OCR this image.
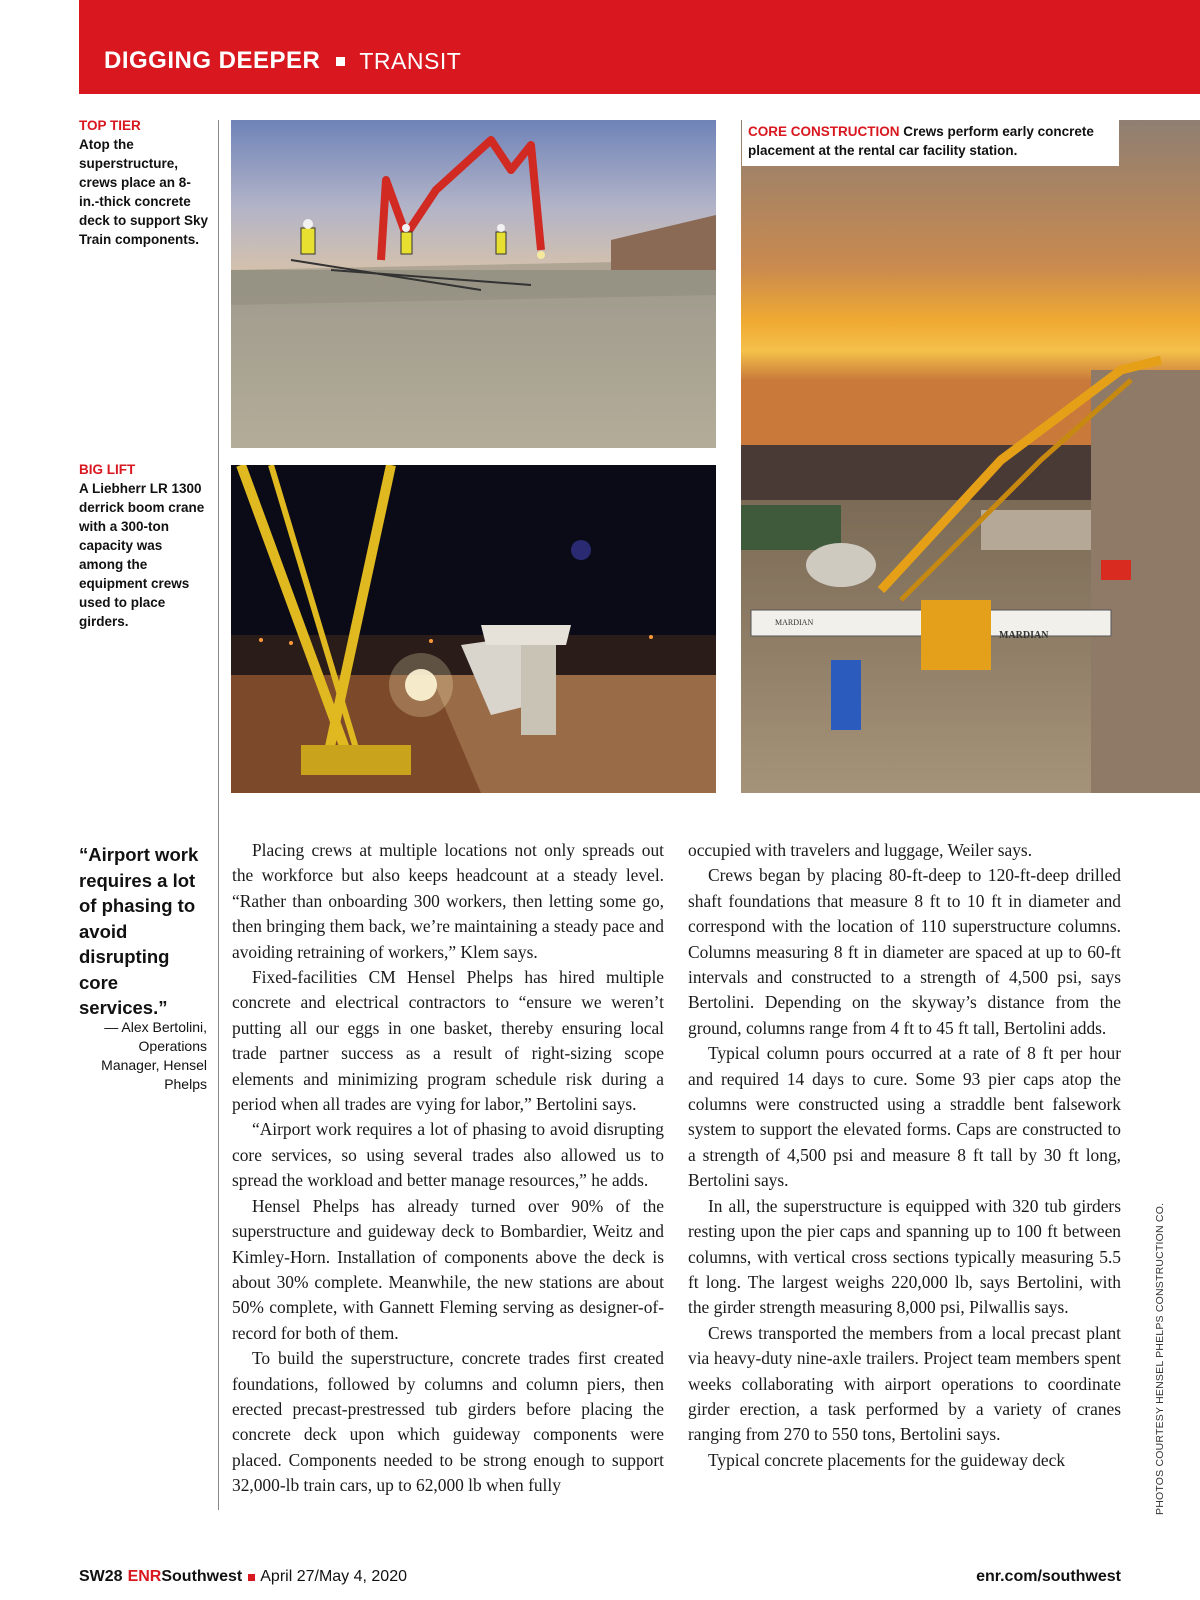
DIGGING DEEPER TRANSIT
TOP TIER
Atop the superstructure, crews place an 8-in.-thick concrete deck to support Sky Train components.
BIG LIFT
A Liebherr LR 1300 derrick boom crane with a 300-ton capacity was among the equipment crews used to place girders.	MARDIAN
MARDIAN
CORE CONSTRUCTION Crews perform early concrete placement at the rental car facility station.
“Airport work requires a lot of phasing to avoid disrupting core services.”
— Alex Bertolini, Operations Manager, Hensel Phelps

Placing crews at multiple locations not only spreads out the workforce but also keeps headcount at a steady level. “Rather than onboarding 300 workers, then letting some go, then bringing them back, we’re maintaining a steady pace and avoiding retraining of workers,” Klem says.

Fixed-facilities CM Hensel Phelps has hired multiple concrete and electrical contractors to “ensure we weren’t putting all our eggs in one basket, thereby ensuring local trade partner success as a result of right-sizing scope elements and minimizing program schedule risk during a period when all trades are vying for labor,” Bertolini says.

“Airport work requires a lot of phasing to avoid disrupting core services, so using several trades also allowed us to spread the workload and better manage resources,” he adds.

Hensel Phelps has already turned over 90% of the superstructure and guideway deck to Bombardier, Weitz and Kimley-Horn. Installation of components above the deck is about 30% complete. Meanwhile, the new stations are about 50% complete, with Gannett Fleming serving as designer-of-record for both of them.

To build the superstructure, concrete trades first created foundations, followed by columns and column piers, then erected precast-prestressed tub girders before placing the concrete deck upon which guideway components were placed. Components needed to be strong enough to support 32,000-lb train cars, up to 62,000 lb when fully

occupied with travelers and luggage, Weiler says.

Crews began by placing 80-ft-deep to 120-ft-deep drilled shaft foundations that measure 8 ft to 10 ft in diameter and correspond with the location of 110 superstructure columns. Columns measuring 8 ft in diameter are spaced at up to 60-ft intervals and constructed to a strength of 4,500 psi, says Bertolini. Depending on the skyway’s distance from the ground, columns range from 4 ft to 45 ft tall, Bertolini adds.

Typical column pours occurred at a rate of 8 ft per hour and required 14 days to cure. Some 93 pier caps atop the columns were constructed using a straddle bent falsework system to support the elevated forms. Caps are constructed to a strength of 4,500 psi and measure 8 ft tall by 30 ft long, Bertolini says.

In all, the superstructure is equipped with 320 tub girders resting upon the pier caps and spanning up to 100 ft between columns, with vertical cross sections typically measuring 5.5 ft long. The largest weighs 220,000 lb, says Bertolini, with the girder strength measuring 8,000 psi, Pilwallis says.

Crews transported the members from a local precast plant via heavy-duty nine-axle trailers. Project team members spent weeks collaborating with airport operations to coordinate girder erection, a task performed by a variety of cranes ranging from 270 to 550 tons, Bertolini says.

Typical concrete placements for the guideway deck	PHOTOS COURTESY HENSEL PHELPS CONSTRUCTION CO.
SW28 ENR Southwest April 27/May 4, 2020	enr.com/southwest
